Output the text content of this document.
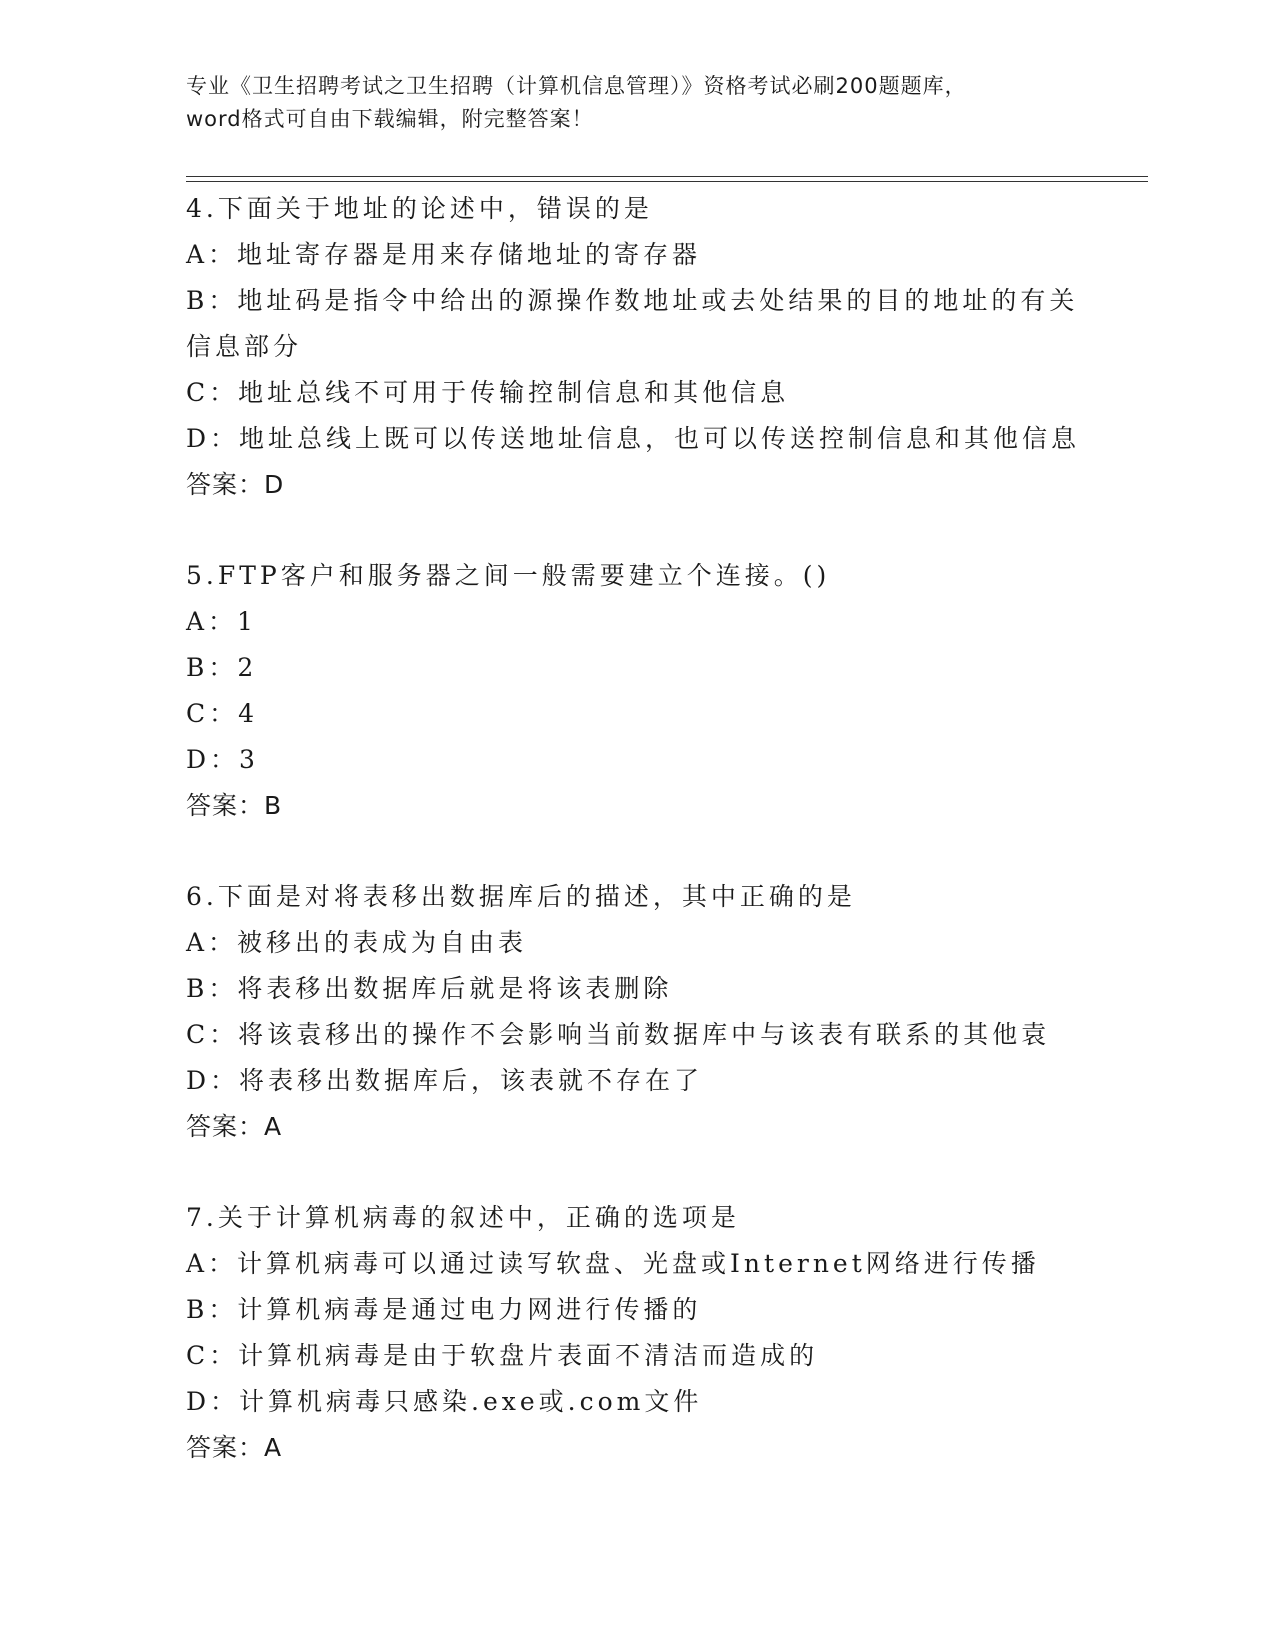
专业《卫生招聘考试之卫生招聘（计算机信息管理）》资格考试必刷200题题库，

word格式可自由下载编辑，附完整答案！

4.下面关于地址的论述中，错误的是

A：地址寄存器是用来存储地址的寄存器

B：地址码是指令中给出的源操作数地址或去处结果的目的地址的有关信息部分

C：地址总线不可用于传输控制信息和其他信息

D：地址总线上既可以传送地址信息，也可以传送控制信息和其他信息

答案：D

5.FTP客户和服务器之间一般需要建立个连接。()

A：1

B：2

C：4

D：3

答案：B

6.下面是对将表移出数据库后的描述，其中正确的是

A：被移出的表成为自由表

B：将表移出数据库后就是将该表删除

C：将该袁移出的操作不会影响当前数据库中与该表有联系的其他袁

D：将表移出数据库后，该表就不存在了

答案：A

7.关于计算机病毒的叙述中，正确的选项是

A：计算机病毒可以通过读写软盘、光盘或Internet网络进行传播

B：计算机病毒是通过电力网进行传播的

C：计算机病毒是由于软盘片表面不清洁而造成的

D：计算机病毒只感染.exe或.com文件

答案：A
